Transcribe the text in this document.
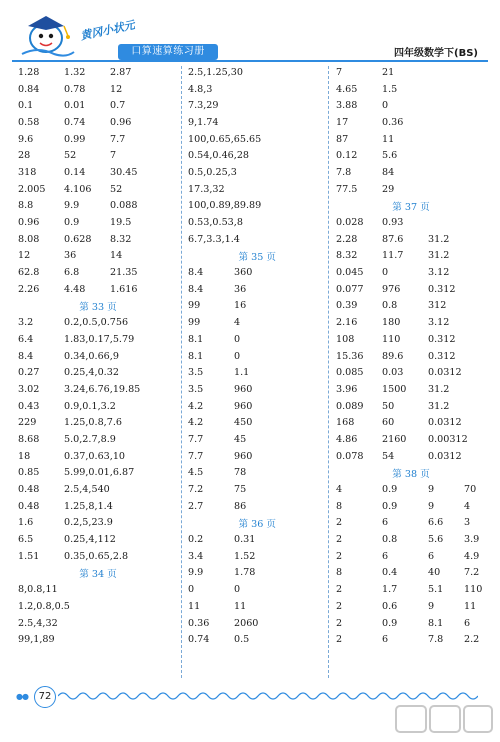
黄冈小状元
口算速算练习册	四年级数学下(BS)
1.28	1.32	2.87
0.84	0.78	12
0.1	0.01	0.7
0.58	0.74	0.96
9.6	0.99	7.7
28	52	7
318	0.14	30.45
2.005	4.106	52
8.8	9.9	0.088
0.96	0.9	19.5
8.08	0.628	8.32
12	36	14
62.8	6.8	21.35
2.26	4.48	1.616
第 33 页
3.2	0.2,0.5,0.756
6.4	1.83,0.17,5.79
8.4	0.34,0.66,9
0.27	0.25,4,0.32
3.02	3.24,6.76,19.85
0.43	0.9,0.1,3.2
229	1.25,0.8,7.6
8.68	5.0,2.7,8.9
18	0.37,0.63,10
0.85	5.99,0.01,6.87
0.48	2.5,4,540
0.48	1.25,8,1.4
1.6	0.2,5,23.9
6.5	0.25,4,112
1.51	0.35,0.65,2.8
第 34 页
8,0.8,11
1.2,0.8,0.5
2.5,4,32
99,1,89
2.5,1.25,30
4.8,3
7.3,29
9,1.74
100,0.65,65.65
0.54,0.46,28
0.5,0.25,3
17.3,32
100,0.89,89.89
0.53,0.53,8
6.7,3.3,1.4
第 35 页
8.4	360
8.4	36
99	16
99	4
8.1	0
8.1	0
3.5	1.1
3.5	960
4.2	960
4.2	450
7.7	45
7.7	960
4.5	78
7.2	75
2.7	86
第 36 页
0.2	0.31
3.4	1.52
9.9	1.78
0	0
11	11
0.36	2060
0.74	0.5
7	21
4.65	1.5
3.88	0
17	0.36
87	11
0.12	5.6
7.8	84
77.5	29
第 37 页
0.028	0.93
2.28	87.6	31.2
8.32	11.7	31.2
0.045	0	3.12
0.077	976	0.312
0.39	0.8	312
2.16	180	3.12
108	110	0.312
15.36	89.6	0.312
0.085	0.03	0.0312
3.96	1500	31.2
0.089	50	31.2
168	60	0.0312
4.86	2160	0.00312
0.078	54	0.0312
第 38 页
4	0.9	9	70
8	0.9	9	4
2	6	6.6	3
2	0.8	5.6	3.9
2	6	6	4.9
8	0.4	40	7.2
2	1.7	5.1	110
2	0.6	9	11
2	0.9	8.1	6
2	6	7.8	2.2
●●	72
